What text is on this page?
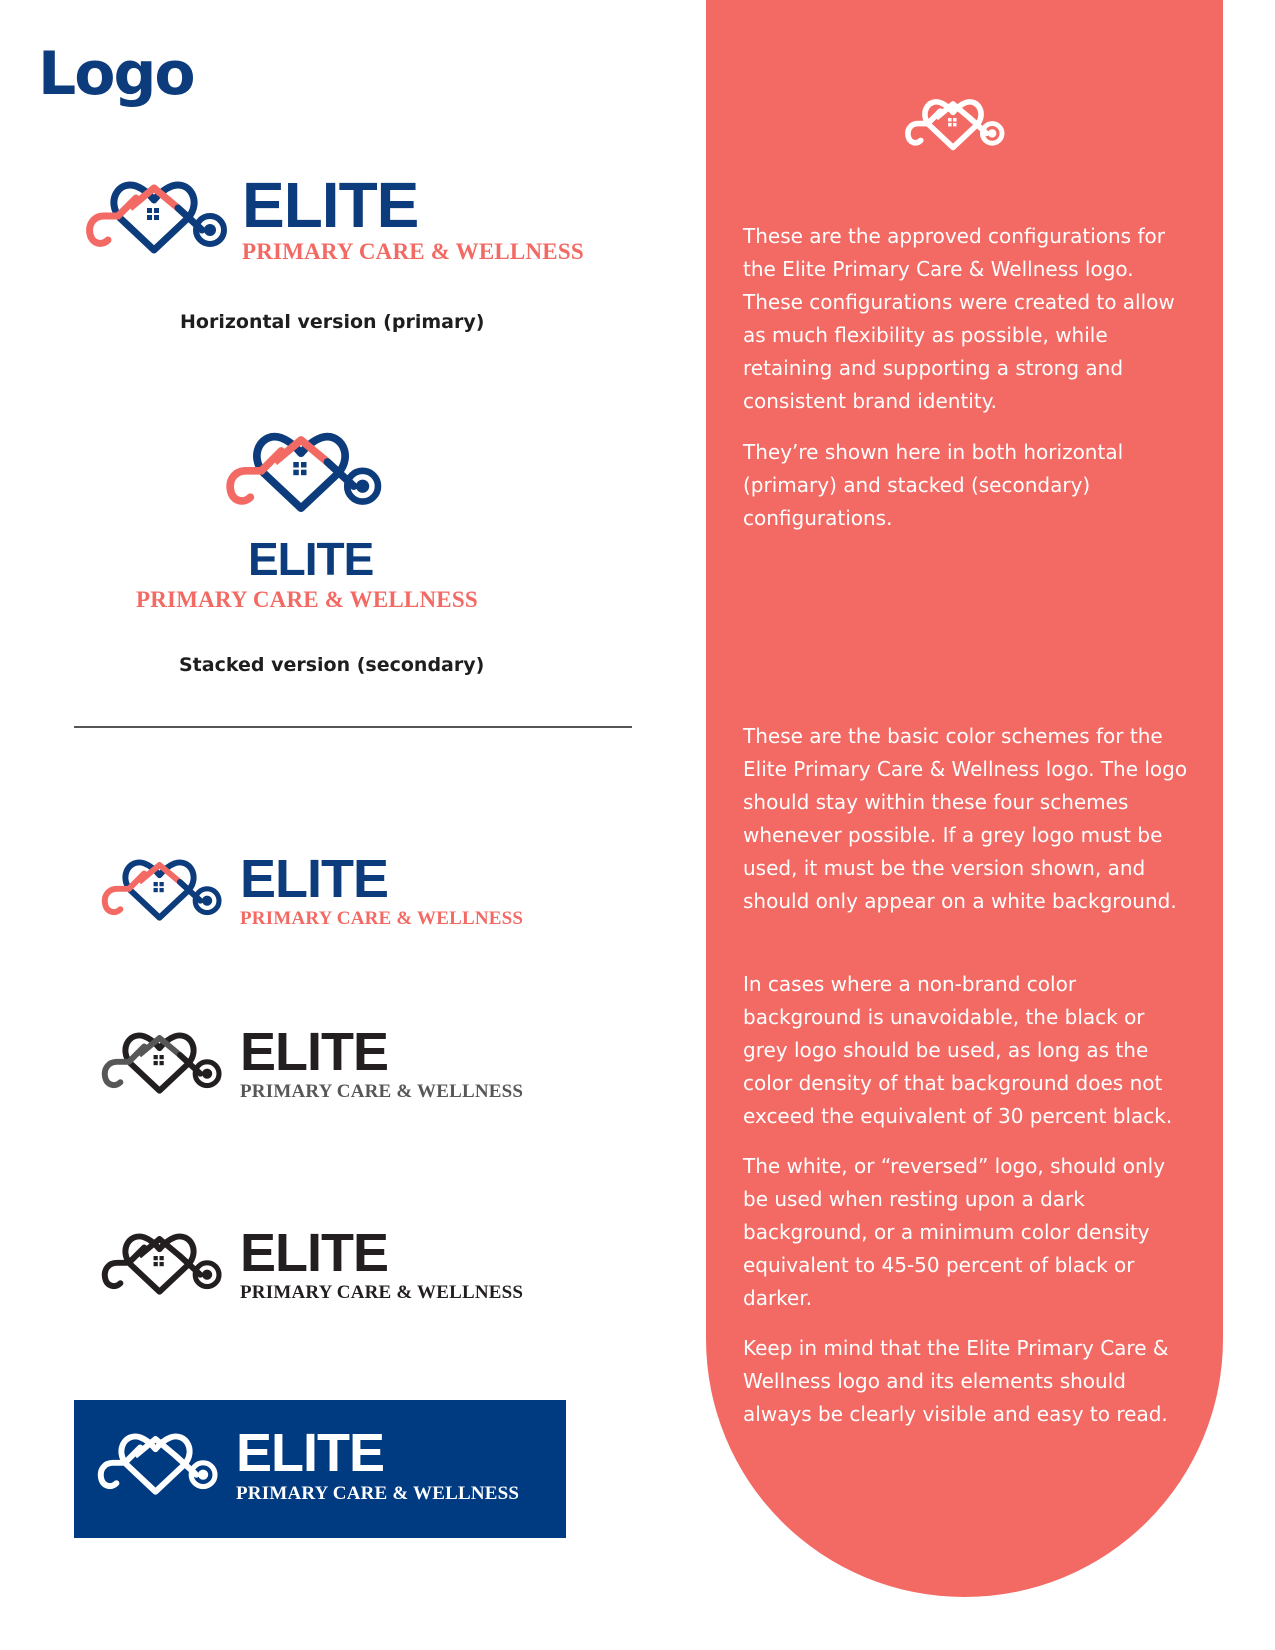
Logo
ELITE
PRIMARY CARE & WELLNESS
Horizontal version (primary)
ELITE
PRIMARY CARE & WELLNESS
Stacked version (secondary)
ELITE
PRIMARY CARE & WELLNESS
ELITE
PRIMARY CARE & WELLNESS
ELITE
PRIMARY CARE & WELLNESS
ELITE
PRIMARY CARE & WELLNESS

These are the approved configurations for the Elite Primary Care & Wellness logo. These configurations were created to allow as much flexibility as possible, while retaining and supporting a strong and consistent brand identity.

They’re shown here in both horizontal (primary) and stacked (secondary) configurations.

These are the basic color schemes for the Elite Primary Care & Wellness logo. The logo should stay within these four schemes whenever possible. If a grey logo must be used, it must be the version shown, and should only appear on a white background.

In cases where a non-brand color background is unavoidable, the black or grey logo should be used, as long as the color density of that background does not exceed the equivalent of 30 percent black.

The white, or “reversed” logo, should only be used when resting upon a dark background, or a minimum color density equivalent to 45-50 percent of black or darker.

Keep in mind that the Elite Primary Care & Wellness logo and its elements should always be clearly visible and easy to read.
